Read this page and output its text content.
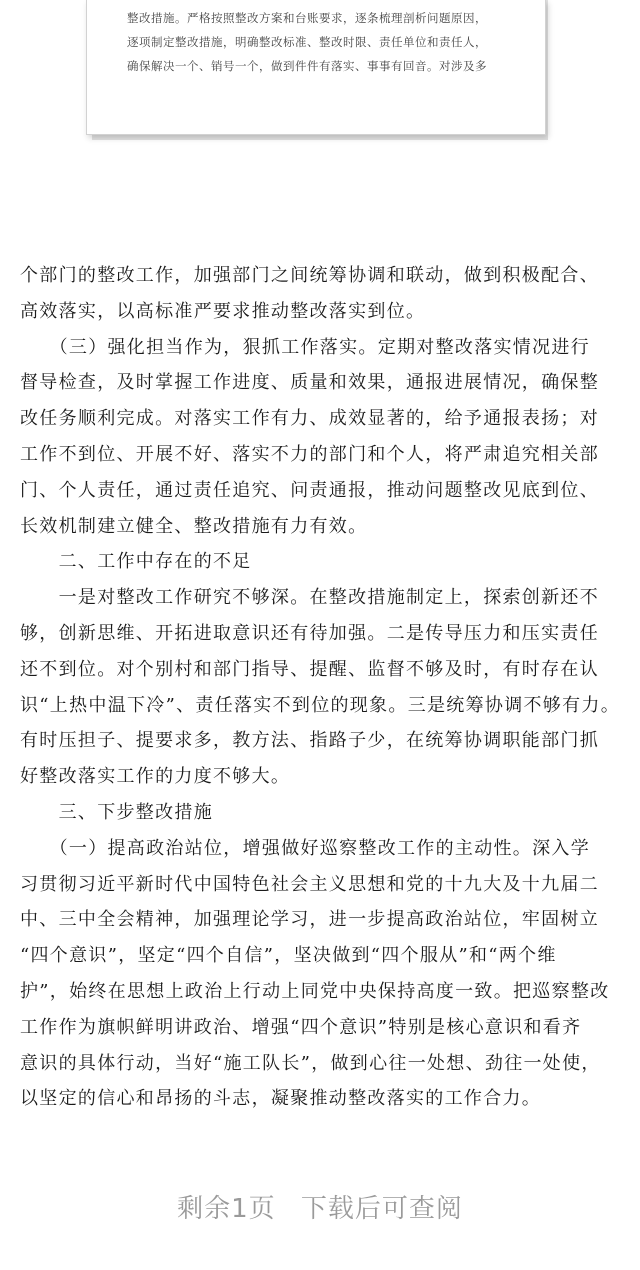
整改措施。严格按照整改方案和台账要求，逐条梳理剖析问题原因，
逐项制定整改措施，明确整改标准、整改时限、责任单位和责任人，
确保解决一个、销号一个，做到件件有落实、事事有回音。对涉及多
个部门的整改工作，加强部门之间统筹协调和联动，做到积极配合、
高效落实，以高标准严要求推动整改落实到位。
　　（三）强化担当作为，狠抓工作落实。定期对整改落实情况进行
督导检查，及时掌握工作进度、质量和效果，通报进展情况，确保整
改任务顺利完成。对落实工作有力、成效显著的，给予通报表扬；对
工作不到位、开展不好、落实不力的部门和个人，将严肃追究相关部
门、个人责任，通过责任追究、问责通报，推动问题整改见底到位、
长效机制建立健全、整改措施有力有效。
　　二、工作中存在的不足
　　一是对整改工作研究不够深。在整改措施制定上，探索创新还不
够，创新思维、开拓进取意识还有待加强。二是传导压力和压实责任
还不到位。对个别村和部门指导、提醒、监督不够及时，有时存在认
识“上热中温下冷”、责任落实不到位的现象。三是统筹协调不够有力。
有时压担子、提要求多，教方法、指路子少，在统筹协调职能部门抓
好整改落实工作的力度不够大。
　　三、下步整改措施
　　（一）提高政治站位，增强做好巡察整改工作的主动性。深入学
习贯彻习近平新时代中国特色社会主义思想和党的十九大及十九届二
中、三中全会精神，加强理论学习，进一步提高政治站位，牢固树立
“四个意识”，坚定“四个自信”，坚决做到“四个服从”和“两个维
护”，始终在思想上政治上行动上同党中央保持高度一致。把巡察整改
工作作为旗帜鲜明讲政治、增强“四个意识”特别是核心意识和看齐
意识的具体行动，当好“施工队长”，做到心往一处想、劲往一处使，
以坚定的信心和昂扬的斗志，凝聚推动整改落实的工作合力。
剩余1页 下载后可查阅
